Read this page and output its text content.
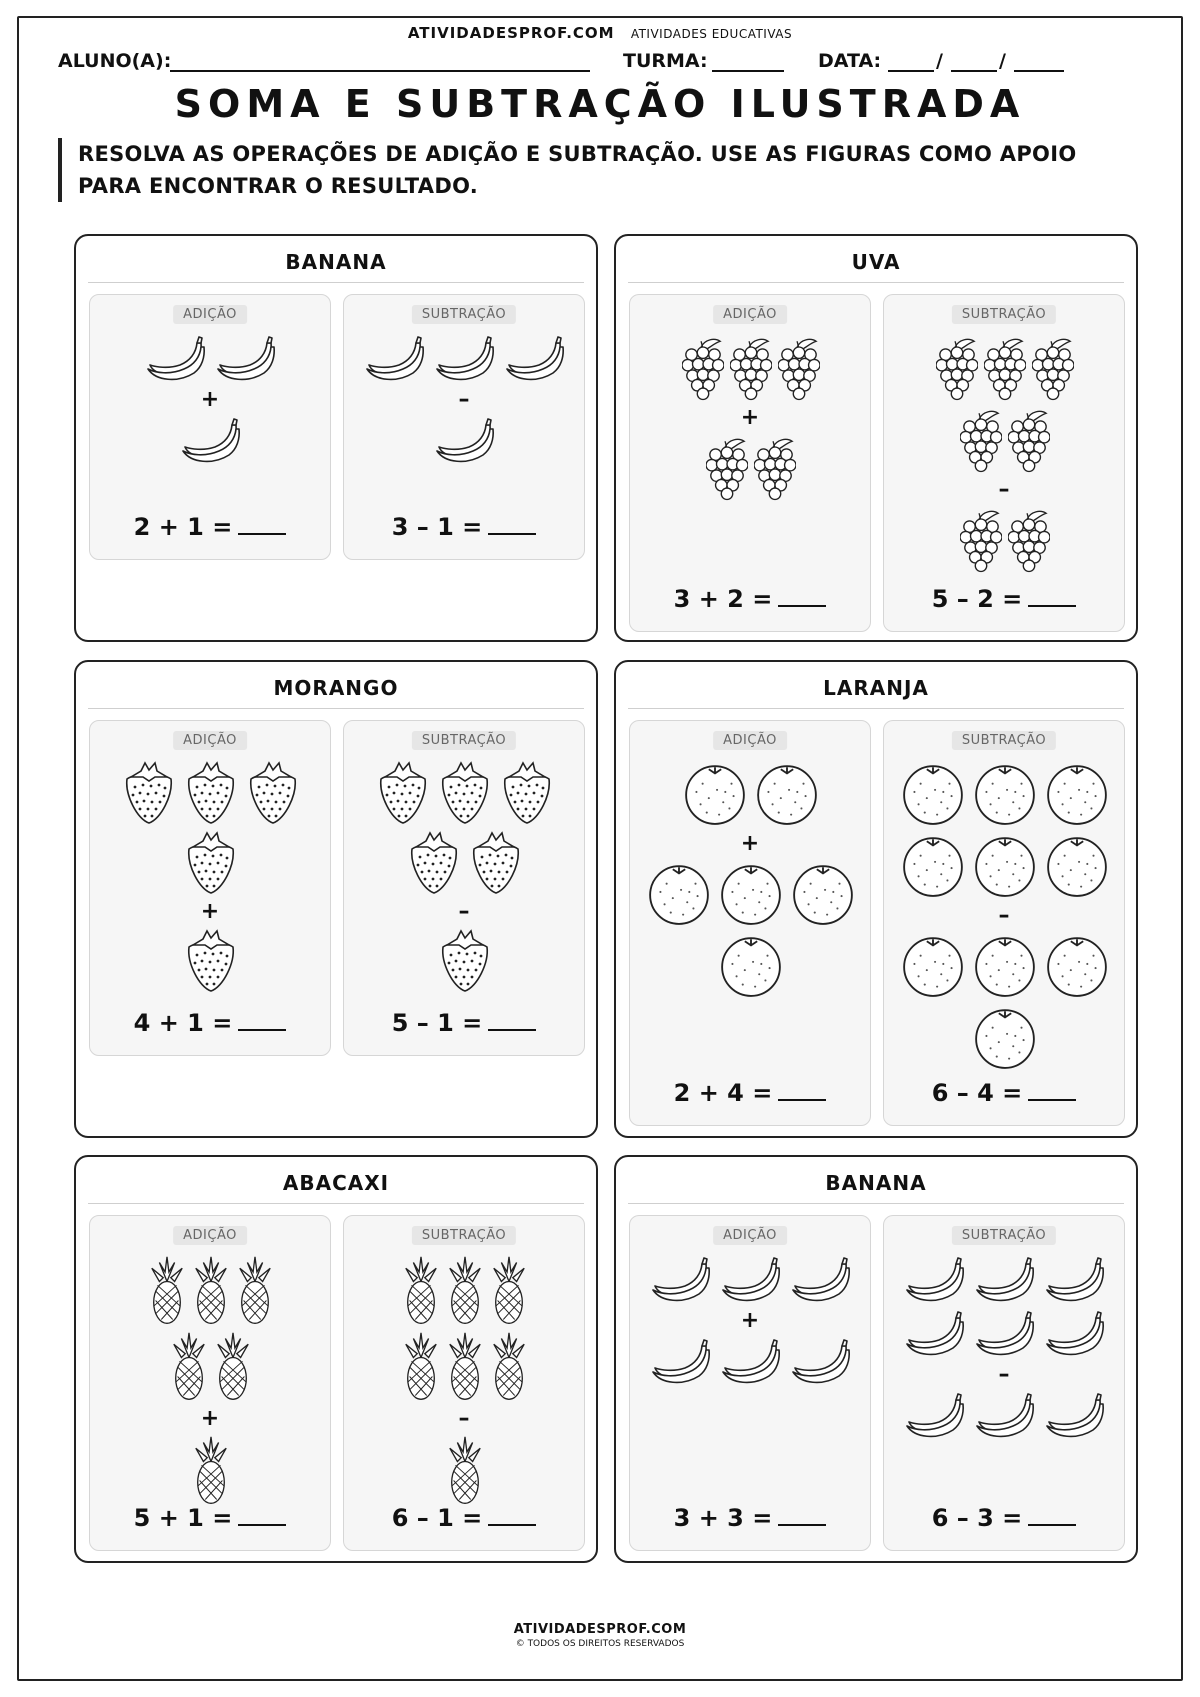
ATIVIDADESPROF.COM ATIVIDADES EDUCATIVAS
ALUNO(A):	TURMA:	DATA:	/	/
SOMA E SUBTRAÇÃO ILUSTRADA
RESOLVA AS OPERAÇÕES DE ADIÇÃO E SUBTRAÇÃO. USE AS FIGURAS COMO APOIO PARA ENCONTRAR O RESULTADO.
BANANA
ADIÇÃO
+
2 + 1 =
SUBTRAÇÃO
–
3 – 1 =
UVA
ADIÇÃO
+
3 + 2 =
SUBTRAÇÃO
–
5 – 2 =
MORANGO
ADIÇÃO
+
4 + 1 =
SUBTRAÇÃO
–
5 – 1 =
LARANJA
ADIÇÃO
+
2 + 4 =
SUBTRAÇÃO
–
6 – 4 =
ABACAXI
ADIÇÃO
+
5 + 1 =
SUBTRAÇÃO
–
6 – 1 =
BANANA
ADIÇÃO
+
3 + 3 =
SUBTRAÇÃO
–
6 – 3 =
ATIVIDADESPROF.COM
© TODOS OS DIREITOS RESERVADOS
